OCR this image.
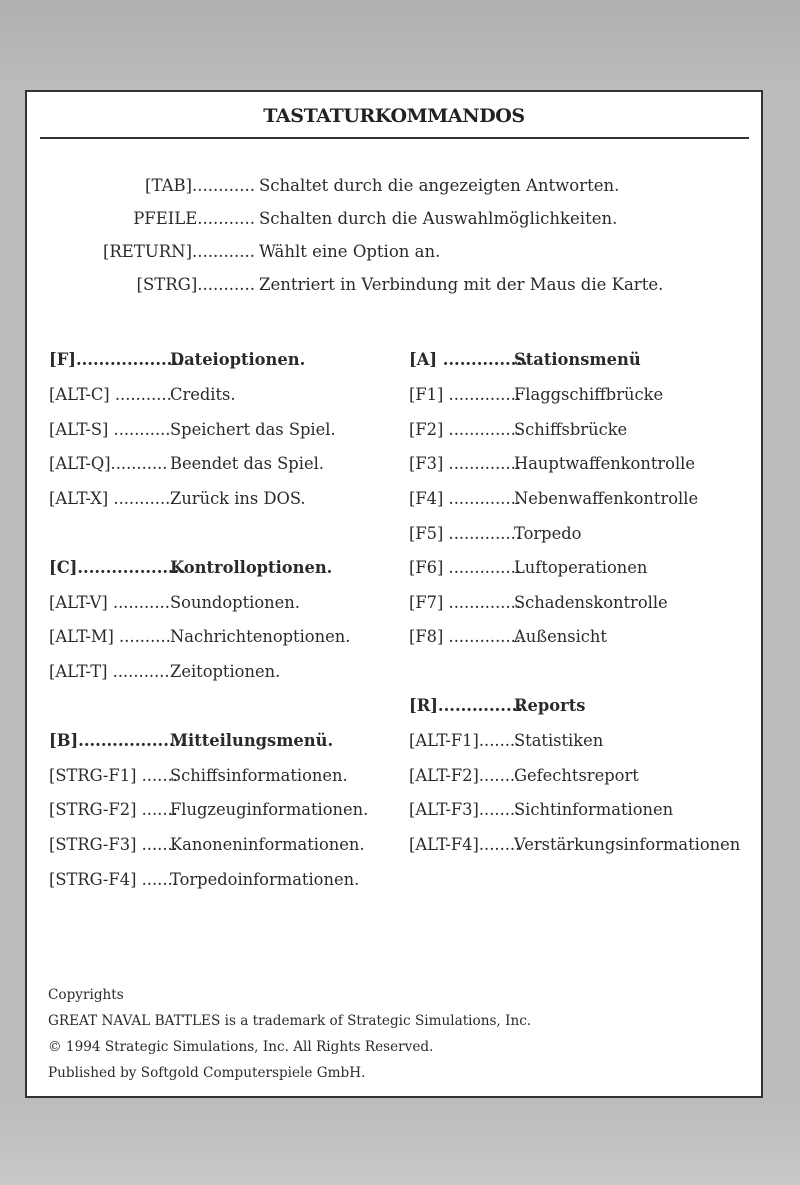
TASTATURKOMMANDOS
[TAB]............ Schaltet durch die angezeigten Antworten.
PFEILE........... Schalten durch die Auswahlmöglichkeiten.
[RETURN]............ Wählt eine Option an.
[STRG]........... Zentriert in Verbindung mit der Maus die Karte.
[F]...................
Dateioptionen.
[ALT-C] ...........
Credits.
[ALT-S] ........... Speichert das Spiel.
[ALT-Q]........... Beendet das Spiel.
[ALT-X] ........... Zurück ins DOS.
[C]...................
Kontrolloptionen.
[ALT-V] ........... Soundoptionen.
[ALT-M] .......... Nachrichtenoptionen.
[ALT-T] ........... Zeitoptionen.
[B]...................
Mitteilungsmenü.
[STRG-F1] .......
Schiffsinformationen.
[STRG-F2] .......
Flugzeuginformationen.
[STRG-F3] .......
Kanoneninformationen.
[STRG-F4] .......
Torpedoinformationen.
[A] ...............
Stationsmenü
[F1] ..............
Flaggschiffbrücke
[F2] ..............
Schiffsbrücke
[F3] ..............
Hauptwaffenkontrolle
[F4] ..............
Nebenwaffenkontrolle
[F5] ..............
Torpedo
[F6] ..............
Luftoperationen
[F7] ..............
Schadenskontrolle
[F8] ..............
Außensicht
[R]...............
Reports
[ALT-F1]........
Statistiken
[ALT-F2]........
Gefechtsreport
[ALT-F3]........
Sichtinformationen
[ALT-F4]........
Verstärkungsinformationen
Copyrights
GREAT NAVAL BATTLES is a trademark of Strategic Simulations, Inc.
© 1994 Strategic Simulations, Inc. All Rights Reserved.
Published by Softgold Computerspiele GmbH.
